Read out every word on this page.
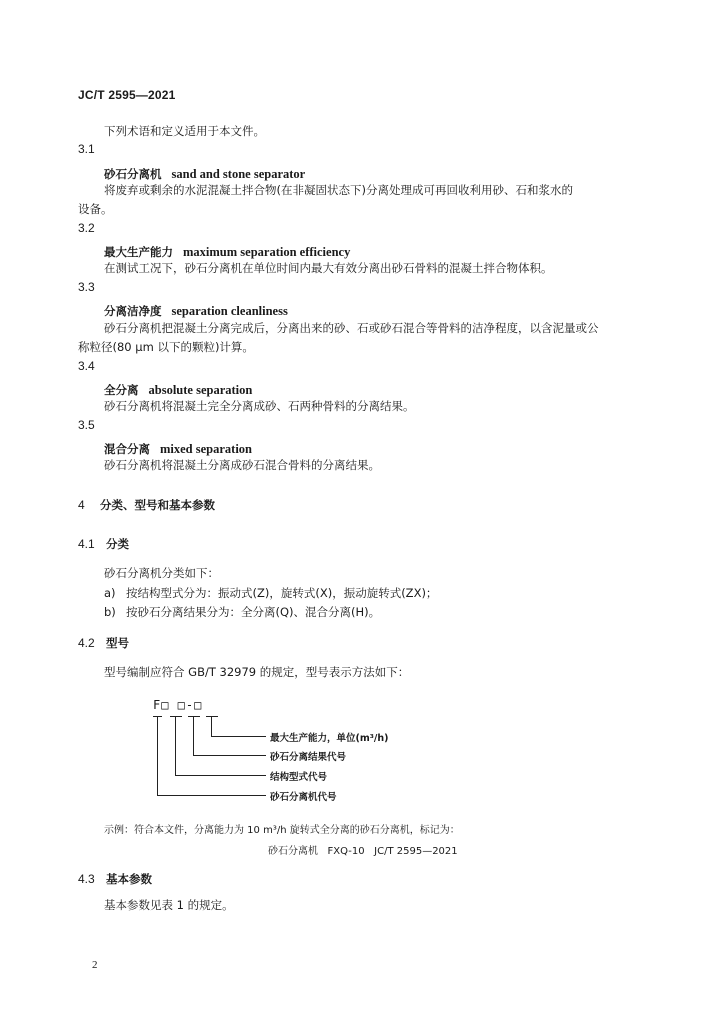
JC/T 2595—2021
下列术语和定义适用于本文件。
3.1
砂石分离机 sand and stone separator
将废弃或剩余的水泥混凝土拌合物(在非凝固状态下)分离处理成可再回收利用砂、石和浆水的
设备。
3.2
最大生产能力 maximum separation efficiency
在测试工况下，砂石分离机在单位时间内最大有效分离出砂石骨料的混凝土拌合物体积。
3.3
分离洁净度 separation cleanliness
砂石分离机把混凝土分离完成后，分离出来的砂、石或砂石混合等骨料的洁净程度，以含泥量或公
称粒径(80 μm 以下的颗粒)计算。
3.4
全分离 absolute separation
砂石分离机将混凝土完全分离成砂、石两种骨料的分离结果。
3.5
混合分离 mixed separation
砂石分离机将混凝土分离成砂石混合骨料的分离结果。
4 分类、型号和基本参数
4.1 分类
砂石分离机分类如下：
a) 按结构型式分为：振动式(Z)，旋转式(X)，振动旋转式(ZX)；
b) 按砂石分离结果分为：全分离(Q)、混合分离(H)。
4.2 型号
型号编制应符合 GB/T 32979 的规定，型号表示方法如下：
F□ □-□
最大生产能力，单位(m³/h)
砂石分离结果代号
结构型式代号
砂石分离机代号
示例：符合本文件，分离能力为 10 m³/h 旋转式全分离的砂石分离机，标记为：
砂石分离机   FXQ-10   JC/T 2595—2021
4.3 基本参数
基本参数见表 1 的规定。
2
